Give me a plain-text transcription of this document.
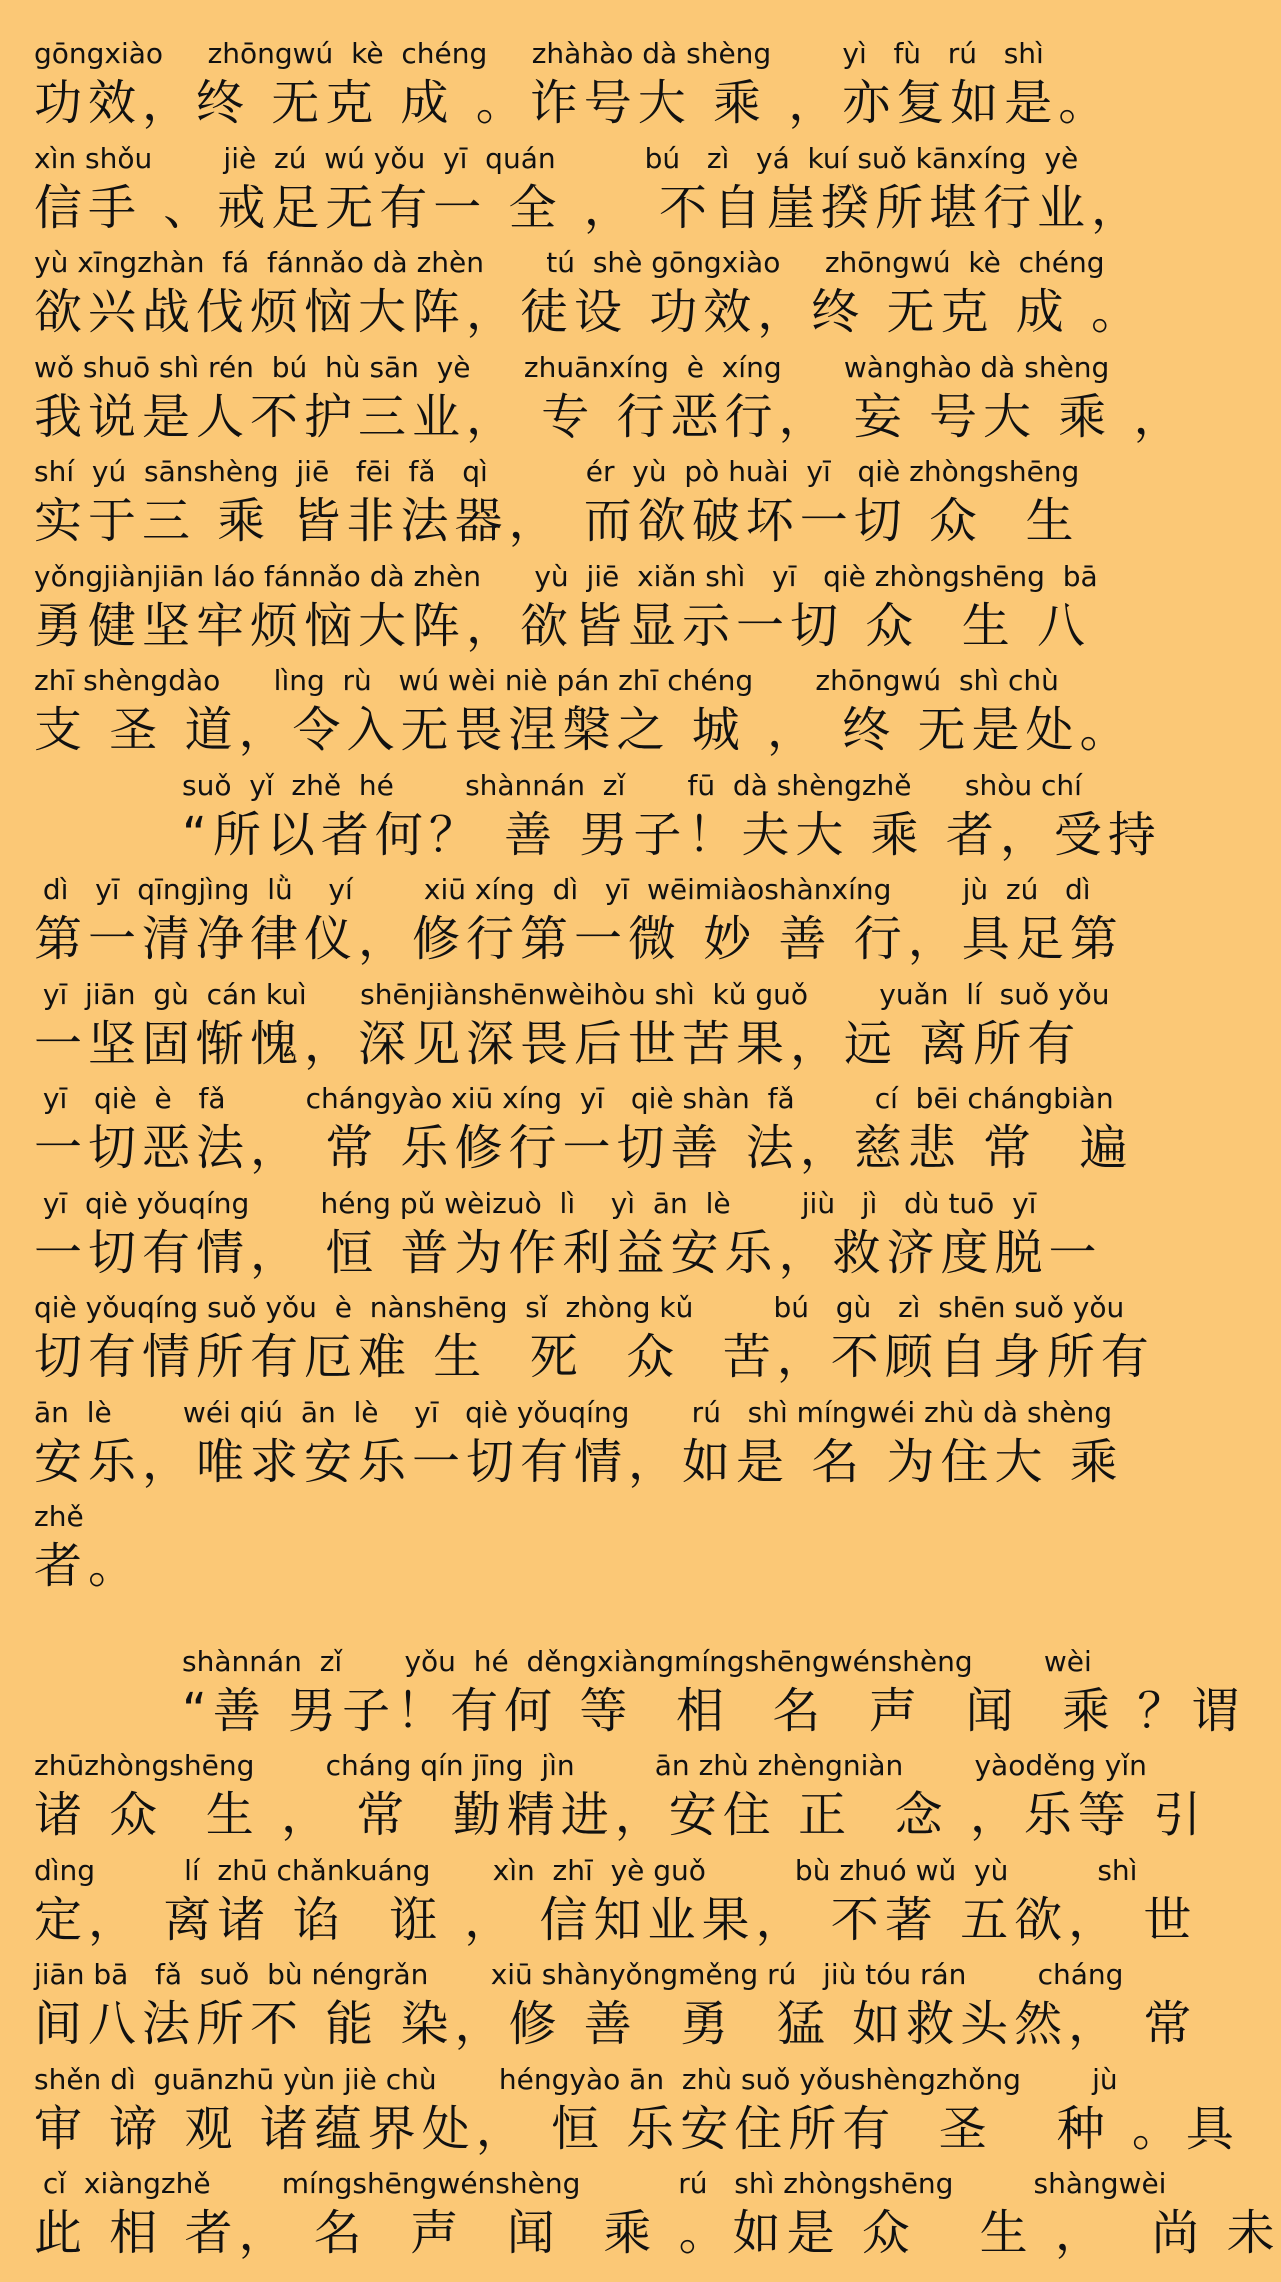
gōngxiào     zhōngwú  kè  chéng     zhàhào dà shèng        yì   fù   rú   shì
功效，终 无克 成 。诈号大 乘 ，亦复如是。
xìn shǒu        jiè  zú  wú yǒu  yī  quán          bú   zì   yá  kuí suǒ kānxíng  yè
信手 、戒足无有一 全 ， 不自崖揆所堪行业，
yù xīngzhàn  fá  fánnǎo dà zhèn       tú  shè gōngxiào     zhōngwú  kè  chéng
欲兴战伐烦恼大阵，徒设 功效，终 无克 成 。
wǒ shuō shì rén  bú  hù sān  yè      zhuānxíng  è  xíng       wànghào dà shèng
我说是人不护三业， 专 行恶行， 妄 号大 乘 ，
shí  yú  sānshèng  jiē   fēi  fǎ   qì           ér  yù  pò huài  yī   qiè zhòngshēng
实于三 乘 皆非法器， 而欲破坏一切 众  生
yǒngjiànjiān láo fánnǎo dà zhèn      yù  jiē  xiǎn shì   yī   qiè zhòngshēng  bā
勇健坚牢烦恼大阵，欲皆显示一切 众  生 八
zhī shèngdào      lìng  rù   wú wèi niè pán zhī chéng       zhōngwú  shì chù
支 圣 道，令入无畏涅槃之 城 ， 终 无是处。
suǒ  yǐ  zhě  hé        shànnán  zǐ       fū  dà shèngzhě      shòu chí
“所以者何？ 善 男子！夫大 乘 者，受持
dì   yī  qīngjìng  lǜ    yí        xiū xíng  dì   yī  wēimiàoshànxíng        jù  zú   dì
第一清净律仪，修行第一微 妙 善 行，具足第
yī  jiān  gù  cán kuì      shēnjiànshēnwèihòu shì  kǔ guǒ        yuǎn  lí  suǒ yǒu
一坚固惭愧，深见深畏后世苦果，远 离所有
yī   qiè  è   fǎ         chángyào xiū xíng  yī   qiè shàn  fǎ         cí  bēi chángbiàn
一切恶法， 常 乐修行一切善 法，慈悲 常  遍
yī  qiè yǒuqíng        héng pǔ wèizuò  lì    yì  ān  lè        jiù   jì   dù tuō  yī
一切有情， 恒 普为作利益安乐，救济度脱一
qiè yǒuqíng suǒ yǒu  è  nànshēng  sǐ  zhòng kǔ         bú   gù   zì  shēn suǒ yǒu
切有情所有厄难 生  死  众  苦，不顾自身所有
ān  lè        wéi qiú  ān  lè    yī   qiè yǒuqíng       rú   shì míngwéi zhù dà shèng
安乐，唯求安乐一切有情，如是 名 为住大 乘
zhě
者。
shànnán  zǐ       yǒu  hé  děngxiàngmíngshēngwénshèng        wèi
“善 男子！有何 等  相  名  声  闻  乘 ？谓
zhūzhòngshēng        cháng qín jīng  jìn         ān zhù zhèngniàn        yàoděng yǐn
诸 众  生 ， 常  勤精进，安住 正  念 ，乐等 引
dìng          lí  zhū chǎnkuáng       xìn  zhī  yè guǒ          bù zhuó wǔ  yù          shì
定， 离诸 谄  诳 ， 信知业果， 不著 五欲， 世
jiān bā   fǎ  suǒ  bù néngrǎn       xiū shànyǒngměng rú   jiù tóu rán        cháng
间八法所不 能 染，修 善  勇  猛 如救头然， 常
shěn dì  guānzhū yùn jiè chù       héngyào ān  zhù suǒ yǒushèngzhǒng        jù
审 谛 观 诸蕴界处， 恒 乐安住所有  圣   种 。具
cǐ  xiàngzhě        míngshēngwénshèng           rú   shì zhòngshēng         shàngwèi
此 相 者， 名  声  闻  乘 。如是 众   生 ，  尚 未
